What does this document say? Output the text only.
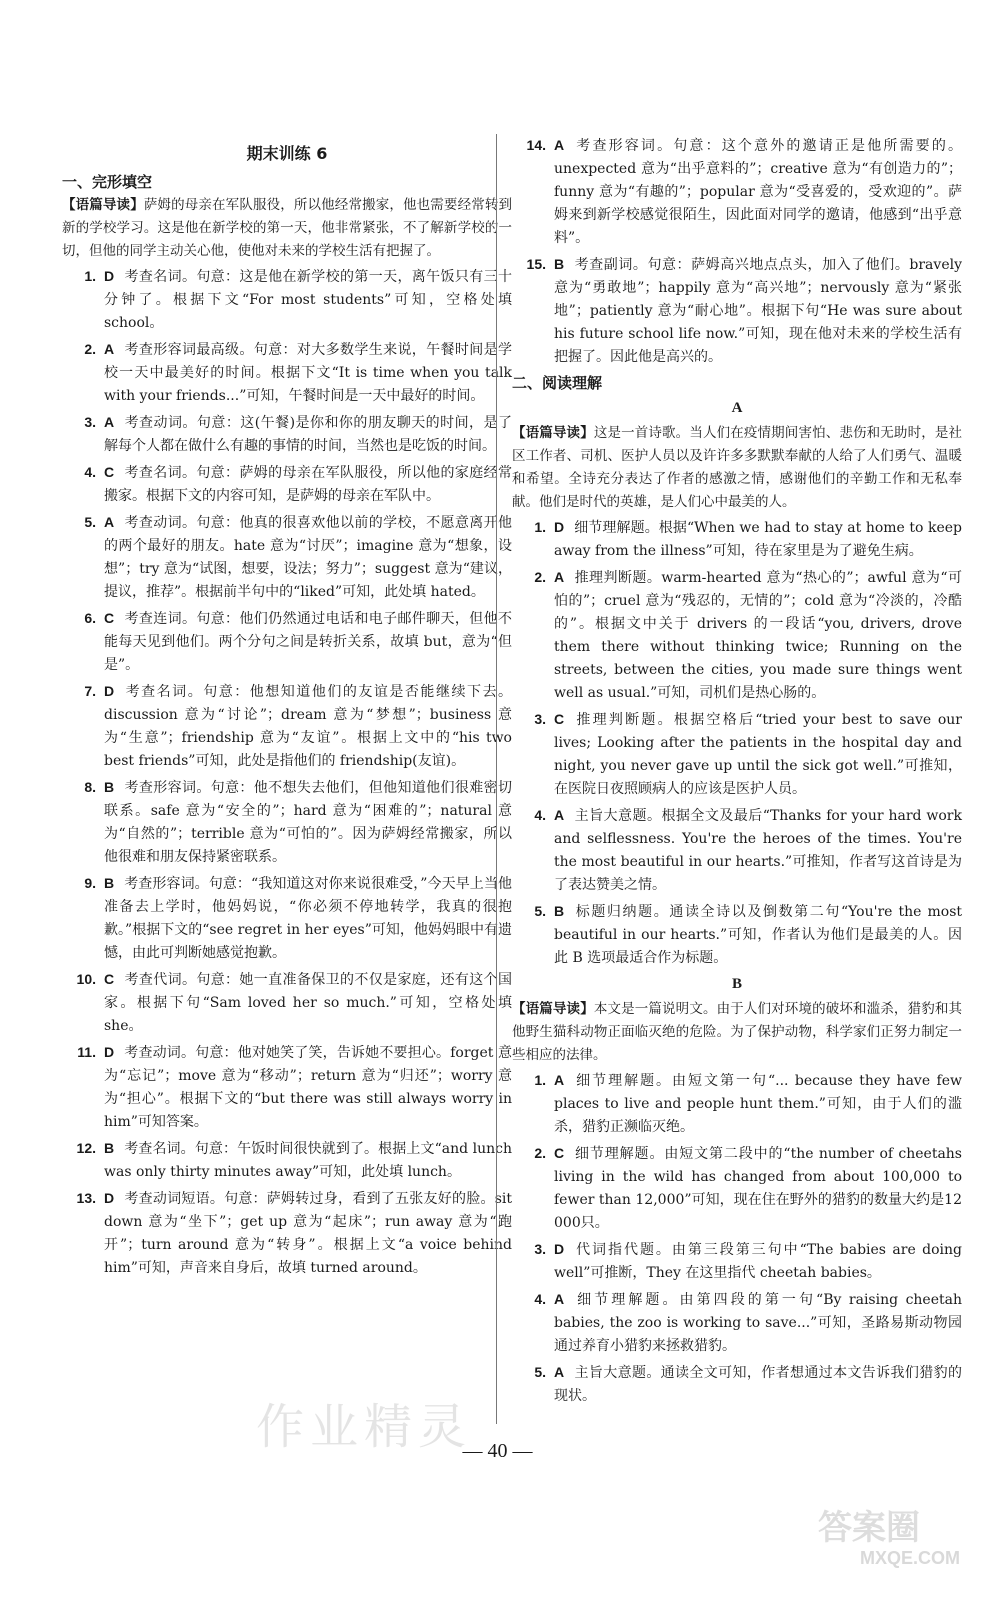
期末训练 6
一、完形填空
【语篇导读】萨姆的母亲在军队服役，所以他经常搬家，他也需要经常转到新的学校学习。这是他在新学校的第一天，他非常紧张，不了解新学校的一切，但他的同学主动关心他，使他对未来的学校生活有把握了。
1. D 考查名词。句意：这是他在新学校的第一天，离午饭只有三十分钟了。根据下文“For most students”可知，空格处填 school。
2. A 考查形容词最高级。句意：对大多数学生来说，午餐时间是学校一天中最美好的时间。根据下文“It is time when you talk with your friends...”可知，午餐时间是一天中最好的时间。
3. A 考查动词。句意：这(午餐)是你和你的朋友聊天的时间，是了解每个人都在做什么有趣的事情的时间，当然也是吃饭的时间。
4. C 考查名词。句意：萨姆的母亲在军队服役，所以他的家庭经常搬家。根据下文的内容可知，是萨姆的母亲在军队中。
5. A 考查动词。句意：他真的很喜欢他以前的学校，不愿意离开他的两个最好的朋友。hate 意为“讨厌”；imagine 意为“想象，设想”；try 意为“试图，想要，设法；努力”；suggest 意为“建议，提议，推荐”。根据前半句中的“liked”可知，此处填 hated。
6. C 考查连词。句意：他们仍然通过电话和电子邮件聊天，但他不能每天见到他们。两个分句之间是转折关系，故填 but，意为“但是”。
7. D 考查名词。句意：他想知道他们的友谊是否能继续下去。discussion 意为“讨论”；dream 意为“梦想”；business 意为“生意”；friendship 意为“友谊”。根据上文中的“his two best friends”可知，此处是指他们的 friendship(友谊)。
8. B 考查形容词。句意：他不想失去他们，但他知道他们很难密切联系。safe 意为“安全的”；hard 意为“困难的”；natural 意为“自然的”；terrible 意为“可怕的”。因为萨姆经常搬家，所以他很难和朋友保持紧密联系。
9. B 考查形容词。句意：“我知道这对你来说很难受，”今天早上当他准备去上学时，他妈妈说，“你必须不停地转学，我真的很抱歉。”根据下文的“see regret in her eyes”可知，他妈妈眼中有遗憾，由此可判断她感觉抱歉。
10. C 考查代词。句意：她一直准备保卫的不仅是家庭，还有这个国家。根据下句“Sam loved her so much.”可知，空格处填 she。
11. D 考查动词。句意：他对她笑了笑，告诉她不要担心。forget 意为“忘记”；move 意为“移动”；return 意为“归还”；worry 意为“担心”。根据下文的“but there was still always worry in him”可知答案。
12. B 考查名词。句意：午饭时间很快就到了。根据上文“and lunch was only thirty minutes away”可知，此处填 lunch。
13. D 考查动词短语。句意：萨姆转过身，看到了五张友好的脸。sit down 意为“坐下”；get up 意为“起床”；run away 意为“跑开”；turn around 意为“转身”。根据上文“a voice behind him”可知，声音来自身后，故填 turned around。
14. A 考查形容词。句意：这个意外的邀请正是他所需要的。unexpected 意为“出乎意料的”；creative 意为“有创造力的”；funny 意为“有趣的”；popular 意为“受喜爱的，受欢迎的”。萨姆来到新学校感觉很陌生，因此面对同学的邀请，他感到“出乎意料”。
15. B 考查副词。句意：萨姆高兴地点点头，加入了他们。bravely 意为“勇敢地”；happily 意为“高兴地”；nervously 意为“紧张地”；patiently 意为“耐心地”。根据下句“He was sure about his future school life now.”可知，现在他对未来的学校生活有把握了。因此他是高兴的。
二、阅读理解
A
【语篇导读】这是一首诗歌。当人们在疫情期间害怕、悲伤和无助时，是社区工作者、司机、医护人员以及许许多多默默奉献的人给了人们勇气、温暖和希望。全诗充分表达了作者的感激之情，感谢他们的辛勤工作和无私奉献。他们是时代的英雄，是人们心中最美的人。
1. D 细节理解题。根据“When we had to stay at home to keep away from the illness”可知，待在家里是为了避免生病。
2. A 推理判断题。warm-hearted 意为“热心的”；awful 意为“可怕的”；cruel 意为“残忍的，无情的”；cold 意为“冷淡的，冷酷的”。根据文中关于 drivers 的一段话“you, drivers, drove them there without thinking twice; Running on the streets, between the cities, you made sure things went well as usual.”可知，司机们是热心肠的。
3. C 推理判断题。根据空格后“tried your best to save our lives; Looking after the patients in the hospital day and night, you never gave up until the sick got well.”可推知，在医院日夜照顾病人的应该是医护人员。
4. A 主旨大意题。根据全文及最后“Thanks for your hard work and selflessness. You're the heroes of the times. You're the most beautiful in our hearts.”可推知，作者写这首诗是为了表达赞美之情。
5. B 标题归纳题。通读全诗以及倒数第二句“You're the most beautiful in our hearts.”可知，作者认为他们是最美的人。因此 B 选项最适合作为标题。
B
【语篇导读】本文是一篇说明文。由于人们对环境的破坏和滥杀，猎豹和其他野生猫科动物正面临灭绝的危险。为了保护动物，科学家们正努力制定一些相应的法律。
1. A 细节理解题。由短文第一句“... because they have few places to live and people hunt them.”可知，由于人们的滥杀，猎豹正濒临灭绝。
2. C 细节理解题。由短文第二段中的“the number of cheetahs living in the wild has changed from about 100,000 to fewer than 12,000”可知，现在住在野外的猎豹的数量大约是12 000只。
3. D 代词指代题。由第三段第三句中“The babies are doing well”可推断，They 在这里指代 cheetah babies。
4. A 细节理解题。由第四段的第一句“By raising cheetah babies, the zoo is working to save...”可知，圣路易斯动物园通过养育小猎豹来拯救猎豹。
5. A 主旨大意题。通读全文可知，作者想通过本文告诉我们猎豹的现状。
作业精灵
— 40 —
答案圈
MXQE.COM
